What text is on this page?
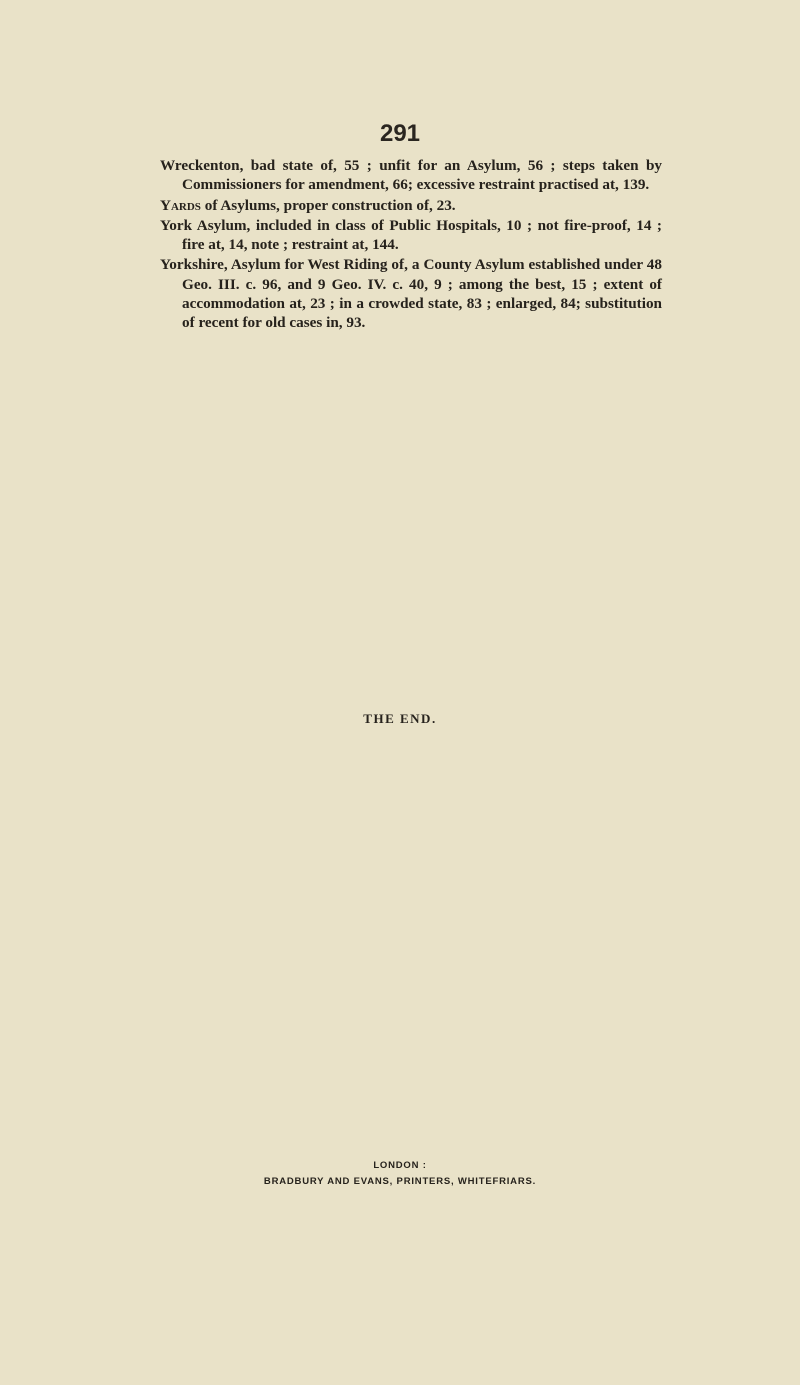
291

Wreckenton, bad state of, 55 ; unfit for an Asylum, 56 ; steps taken by Commissioners for amendment, 66; excessive restraint practised at, 139.

Yards of Asylums, proper construction of, 23.

York Asylum, included in class of Public Hospitals, 10 ; not fire-proof, 14 ; fire at, 14, note ; restraint at, 144.

Yorkshire, Asylum for West Riding of, a County Asylum established under 48 Geo. III. c. 96, and 9 Geo. IV. c. 40, 9 ; among the best, 15 ; extent of accommodation at, 23 ; in a crowded state, 83 ; enlarged, 84; substitution of recent for old cases in, 93.

THE END.
LONDON :
BRADBURY AND EVANS, PRINTERS, WHITEFRIARS.
